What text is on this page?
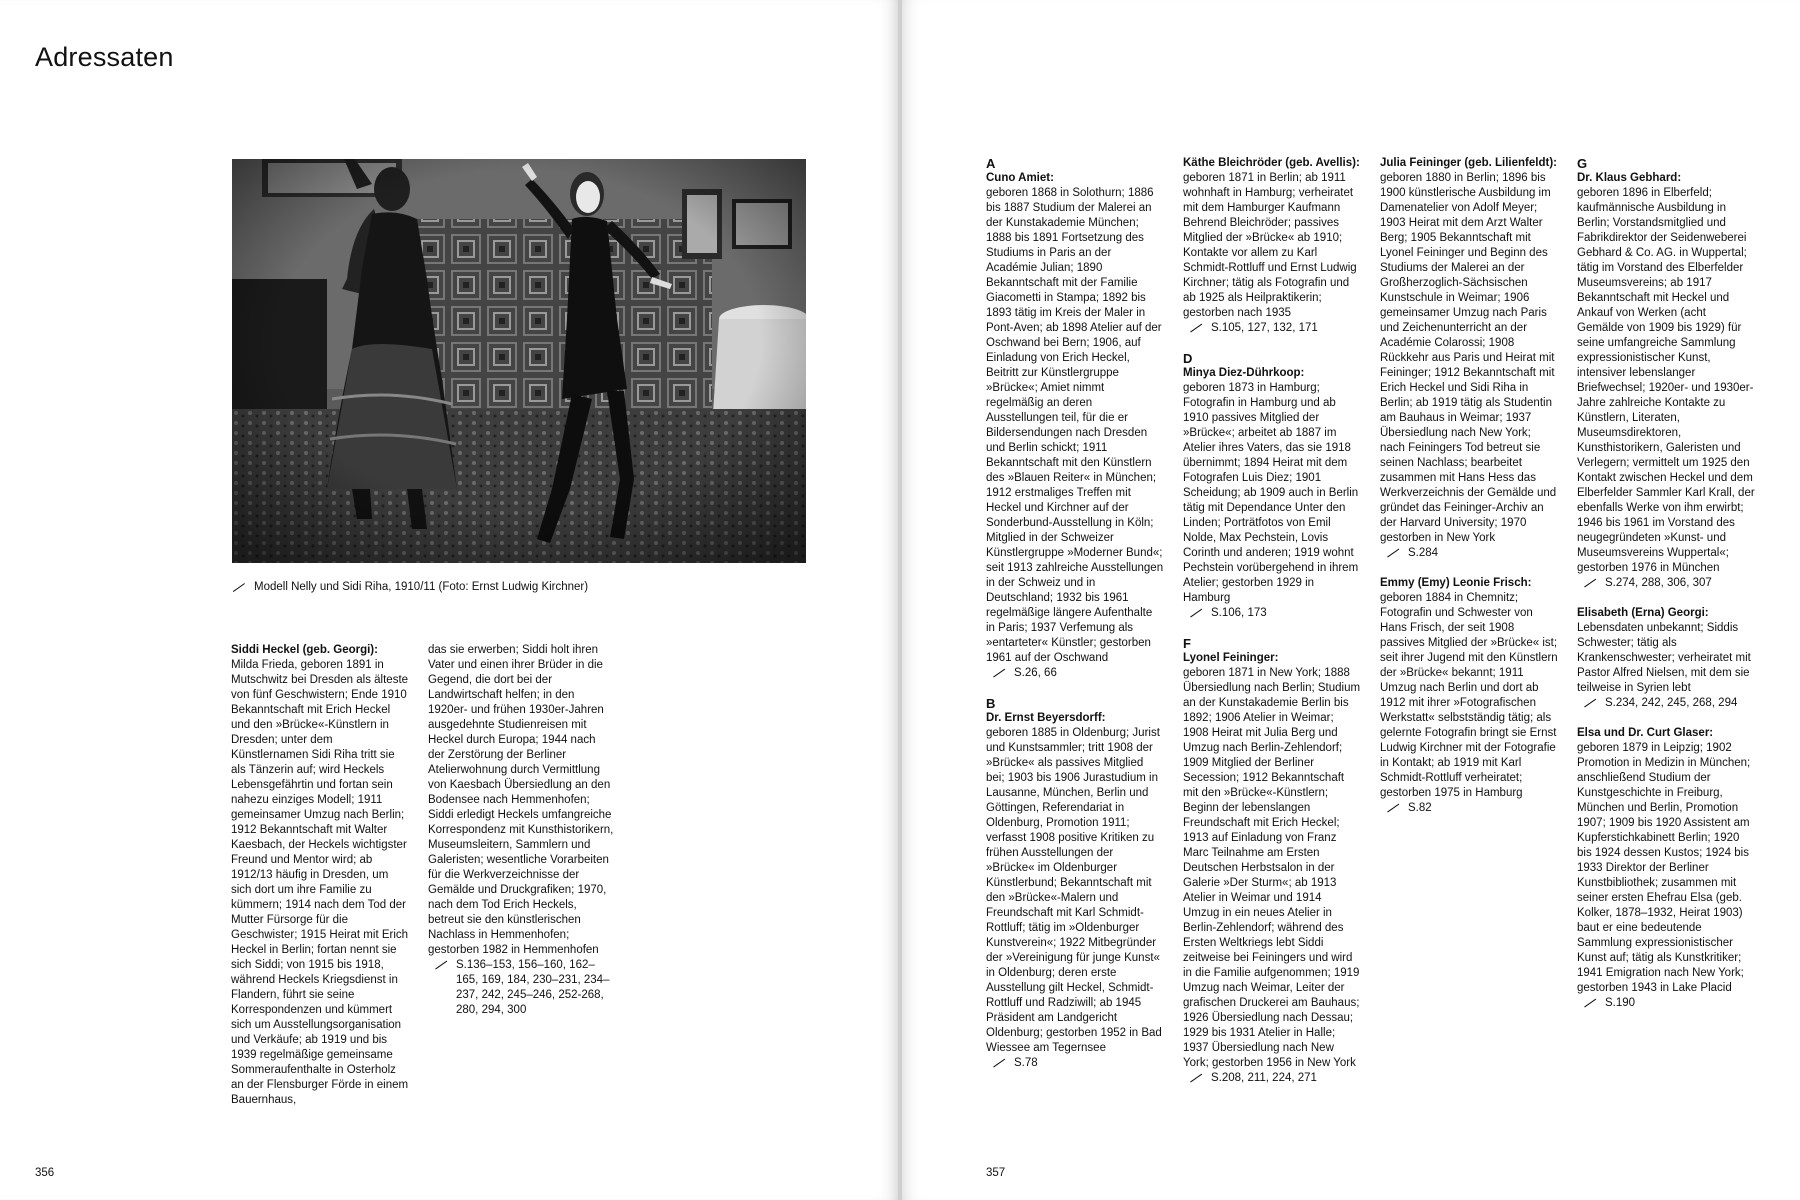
Adressaten
Modell Nelly und Sidi Riha, 1910/11 (Foto: Ernst Ludwig Kirchner)

Siddi Heckel (geb. Georgi):

Milda Frieda, geboren 1891 in Mutschwitz bei Dresden als älteste von fünf Geschwistern; Ende 1910 Bekanntschaft mit Erich Heckel und den »Brücke«-Künstlern in Dresden; unter dem Künstlernamen Sidi Riha tritt sie als Tänzerin auf; wird Heckels Lebensgefährtin und fortan sein nahezu einziges Modell; 1911 gemeinsamer Umzug nach Berlin; 1912 Bekanntschaft mit Walter Kaesbach, der Heckels wichtigster Freund und Mentor wird; ab 1912/13 häufig in Dresden, um sich dort um ihre Familie zu kümmern; 1914 nach dem Tod der Mutter Fürsorge für die Geschwister; 1915 Heirat mit Erich Heckel in Berlin; fortan nennt sie sich Siddi; von 1915 bis 1918, während Heckels Kriegsdienst in Flandern, führt sie seine Korrespondenzen und kümmert sich um Ausstellungsorganisation und Verkäufe; ab 1919 und bis 1939 regelmäßige gemeinsame Sommeraufenthalte in Osterholz an der Flensburger Förde in einem Bauernhaus,

das sie erwerben; Siddi holt ihren Vater und einen ihrer Brüder in die Gegend, die dort bei der Landwirtschaft helfen; in den 1920er- und frühen 1930er-Jahren ausgedehnte Studienreisen mit Heckel durch Europa; 1944 nach der Zerstörung der Berliner Atelierwohnung durch Vermittlung von Kaesbach Übersiedlung an den Bodensee nach Hemmenhofen; Siddi erledigt Heckels umfangreiche Korrespondenz mit Kunsthistorikern, Museumsleitern, Sammlern und Galeristen; wesentliche Vorarbeiten für die Werkverzeichnisse der Gemälde und Druckgrafiken; 1970, nach dem Tod Erich Heckels, betreut sie den künstlerischen Nachlass in Hemmenhofen; gestorben 1982 in Hemmenhofen

S.136–153, 156–160, 162–165, 169, 184, 230–231, 234–237, 242, 245–246, 252-268, 280, 294, 300
356

A

Cuno Amiet:

geboren 1868 in Solothurn; 1886 bis 1887 Studium der Malerei an der Kunstakademie München; 1888 bis 1891 Fortsetzung des Studiums in Paris an der Académie Julian; 1890 Bekanntschaft mit der Familie Giacometti in Stampa; 1892 bis 1893 tätig im Kreis der Maler in Pont-Aven; ab 1898 Atelier auf der Oschwand bei Bern; 1906, auf Einladung von Erich Heckel, Beitritt zur Künstlergruppe »Brücke«; Amiet nimmt regelmäßig an deren Ausstellungen teil, für die er Bildersendungen nach Dresden und Berlin schickt; 1911 Bekanntschaft mit den Künstlern des »Blauen Reiter« in München; 1912 erstmaliges Treffen mit Heckel und Kirchner auf der Sonderbund-Ausstellung in Köln; Mitglied in der Schweizer Künstlergruppe »Moderner Bund«; seit 1913 zahlreiche Ausstellungen in der Schweiz und in Deutschland; 1932 bis 1961 regelmäßige längere Aufenthalte in Paris; 1937 Verfemung als »entarteter« Künstler; gestorben 1961 auf der Oschwand

S.26, 66

B

Dr. Ernst Beyersdorff:

geboren 1885 in Oldenburg; Jurist und Kunstsammler; tritt 1908 der »Brücke« als passives Mitglied bei; 1903 bis 1906 Jurastudium in Lausanne, München, Berlin und Göttingen, Referendariat in Oldenburg, Promotion 1911; verfasst 1908 positive Kritiken zu frühen Ausstellungen der »Brücke« im Oldenburger Künstlerbund; Bekanntschaft mit den »Brücke«-Malern und Freundschaft mit Karl Schmidt-Rottluff; tätig im »Oldenburger Kunstverein«; 1922 Mitbegründer der »Vereinigung für junge Kunst« in Oldenburg; deren erste Ausstellung gilt Heckel, Schmidt-Rottluff und Radziwill; ab 1945 Präsident am Landgericht Oldenburg; gestorben 1952 in Bad Wiessee am Tegernsee

S.78

Käthe Bleichröder (geb. Avellis):

geboren 1871 in Berlin; ab 1911 wohnhaft in Hamburg; verheiratet mit dem Hamburger Kaufmann Behrend Bleichröder; passives Mitglied der »Brücke« ab 1910; Kontakte vor allem zu Karl Schmidt-Rottluff und Ernst Ludwig Kirchner; tätig als Fotografin und ab 1925 als Heilpraktikerin; gestorben nach 1935

S.105, 127, 132, 171

D

Minya Diez-Dührkoop:

geboren 1873 in Hamburg; Fotografin in Hamburg und ab 1910 passives Mitglied der »Brücke«; arbeitet ab 1887 im Atelier ihres Vaters, das sie 1918 übernimmt; 1894 Heirat mit dem Fotografen Luis Diez; 1901 Scheidung; ab 1909 auch in Berlin tätig mit Dependance Unter den Linden; Porträtfotos von Emil Nolde, Max Pechstein, Lovis Corinth und anderen; 1919 wohnt Pechstein vorübergehend in ihrem Atelier; gestorben 1929 in Hamburg

S.106, 173

F

Lyonel Feininger:

geboren 1871 in New York; 1888 Übersiedlung nach Berlin; Studium an der Kunstakademie Berlin bis 1892; 1906 Atelier in Weimar; 1908 Heirat mit Julia Berg und Umzug nach Berlin-Zehlendorf; 1909 Mitglied der Berliner Secession; 1912 Bekanntschaft mit den »Brücke«-Künstlern; Beginn der lebenslangen Freundschaft mit Erich Heckel; 1913 auf Einladung von Franz Marc Teilnahme am Ersten Deutschen Herbstsalon in der Galerie »Der Sturm«; ab 1913 Atelier in Weimar und 1914 Umzug in ein neues Atelier in Berlin-Zehlendorf; während des Ersten Weltkriegs lebt Siddi zeitweise bei Feiningers und wird in die Familie aufgenommen; 1919 Umzug nach Weimar, Leiter der grafischen Druckerei am Bauhaus; 1926 Übersiedlung nach Dessau; 1929 bis 1931 Atelier in Halle; 1937 Übersiedlung nach New York; gestorben 1956 in New York

S.208, 211, 224, 271

Julia Feininger (geb. Lilienfeldt):

geboren 1880 in Berlin; 1896 bis 1900 künstlerische Ausbildung im Damenatelier von Adolf Meyer; 1903 Heirat mit dem Arzt Walter Berg; 1905 Bekanntschaft mit Lyonel Feininger und Beginn des Studiums der Malerei an der Großherzoglich-Sächsischen Kunstschule in Weimar; 1906 gemeinsamer Umzug nach Paris und Zeichenunterricht an der Académie Colarossi; 1908 Rückkehr aus Paris und Heirat mit Feininger; 1912 Bekanntschaft mit Erich Heckel und Sidi Riha in Berlin; ab 1919 tätig als Studentin am Bauhaus in Weimar; 1937 Übersiedlung nach New York; nach Feiningers Tod betreut sie seinen Nachlass; bearbeitet zusammen mit Hans Hess das Werkverzeichnis der Gemälde und gründet das Feininger-Archiv an der Harvard University; 1970 gestorben in New York

S.284

Emmy (Emy) Leonie Frisch:

geboren 1884 in Chemnitz; Fotografin und Schwester von Hans Frisch, der seit 1908 passives Mitglied der »Brücke« ist; seit ihrer Jugend mit den Künstlern der »Brücke« bekannt; 1911 Umzug nach Berlin und dort ab 1912 mit ihrer »Fotografischen Werkstatt« selbstständig tätig; als gelernte Fotografin bringt sie Ernst Ludwig Kirchner mit der Fotografie in Kontakt; ab 1919 mit Karl Schmidt-Rottluff verheiratet; gestorben 1975 in Hamburg

S.82

G

Dr. Klaus Gebhard:

geboren 1896 in Elberfeld; kaufmännische Ausbildung in Berlin; Vorstandsmitglied und Fabrikdirektor der Seidenweberei Gebhard & Co. AG. in Wuppertal; tätig im Vorstand des Elberfelder Museumsvereins; ab 1917 Bekanntschaft mit Heckel und Ankauf von Werken (acht Gemälde von 1909 bis 1929) für seine umfangreiche Sammlung expressionistischer Kunst, intensiver lebenslanger Briefwechsel; 1920er- und 1930er-Jahre zahlreiche Kontakte zu Künstlern, Literaten, Museumsdirektoren, Kunsthistorikern, Galeristen und Verlegern; vermittelt um 1925 den Kontakt zwischen Heckel und dem Elberfelder Sammler Karl Krall, der ebenfalls Werke von ihm erwirbt; 1946 bis 1961 im Vorstand des neugegründeten »Kunst- und Museumsvereins Wuppertal«; gestorben 1976 in München

S.274, 288, 306, 307

Elisabeth (Erna) Georgi:

Lebensdaten unbekannt; Siddis Schwester; tätig als Krankenschwester; verheiratet mit Pastor Alfred Nielsen, mit dem sie teilweise in Syrien lebt

S.234, 242, 245, 268, 294

Elsa und Dr. Curt Glaser:

geboren 1879 in Leipzig; 1902 Promotion in Medizin in München; anschließend Studium der Kunstgeschichte in Freiburg, München und Berlin, Promotion 1907; 1909 bis 1920 Assistent am Kupferstichkabinett Berlin; 1920 bis 1924 dessen Kustos; 1924 bis 1933 Direktor der Berliner Kunstbibliothek; zusammen mit seiner ersten Ehefrau Elsa (geb. Kolker, 1878–1932, Heirat 1903) baut er eine bedeutende Sammlung expressionistischer Kunst auf; tätig als Kunstkritiker; 1941 Emigration nach New York; gestorben 1943 in Lake Placid

S.190
357
